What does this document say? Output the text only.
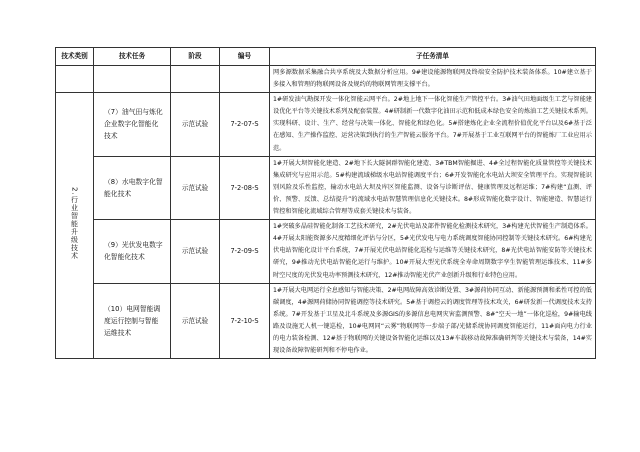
技术类别	技术任务	阶段	编号	子任务清单
				网多源数据采集融合共享系统及大数据分析应用。9#建设能源物联网及终端安全防护技术装备体系。10#建立基于多接入和管理的物联网设备及规约的物联网管理支撑平台。
2.行业智能升级技术	（7）油气田与炼化企业数字化智能化技术	示范试验	7-2-07-S	1#研发油气勘探开发一体化智能云网平台。2#地上地下一体化智能生产管控平台。3#油气田地面级生工艺与智能建设优化平台等关键技术系列及配套装置。4#研制新一代数字化油田示范和低成本绿色安全的炼油工艺关键技术系列。实现科研、设计、生产、经营与决策一体化、智能化和绿色化。5#搭建炼化企业全流程价值优化平台以及6#基于泛在感知、生产操作监控、运营决策到执行的生产智能云服务平台。7#开展基于工业互联网平台的智能炼厂工业应用示范。
	（8）水电数字化智能化技术	示范试验	7-2-08-S	1#开展大坝智能化建造、2#地下长大隧洞群智能化建造、3#TBM智能掘进、4#全过程智能化质量管控等关键技术集成研究与应用示范。5#构建流域梯级水电站智能调度平台；6#开发智能化水电站大坝安全管理平台。实现智能识别风险及乐性监控，输动水电站大坝及库区智能监测、设备与诊断评估、健康管理及远程运维；7#构建“直测、评价、预警、反馈、总结提升”的流域水电站智慧管理信息化关键技术。8#形成智能化数字设计、智能建造、智慧运行管控和智能化流域综合管理等成套关键技术与装备。
	（9）光伏发电数字化智能化技术	示范试验	7-2-09-S	1#突破多晶硅智能化制备工艺技术研究，2#光伏电站及部件智能化检测技术研究，3#构建光伏智能生产制造体系。4#开展太阳能资源多尺度精细化评估与分区，5#光伏发电与电力系统调度智能协同控制等关键技术研究。6#构建光伏电站智能化设计平台系统，7#开展光伏电站智能化巡检与运维等关键技术研究，8#光伏电站智能安防等关键技术研究，9#推动光伏电站智能化运行与维护。10#开展大型光伏系统全寿命周期数字孪生智能管理运维技术、11#多时空尺度的光伏发电功率预测技术研究，12#推动智能光伏产业创新升级和行业特色应用。
	（10）电网智能调度运行控制与智能运维技术	示范试验	7-2-10-S	1#开展大电网运行全息感知与智能决策、2#电网故障高效诊断处置、3#源荷协同互动、新能源预测和柔性可控的低碳调度，4#源网荷储协同智能调控等技术研究。5#基于调控云的调度管理等技术攻关，6#研发新一代调度技术支持系统。7#开发基于卫星及北斗系统及多源GIS的多源信息电网灾害监测预警、8#“空天一地”一体化巡检，9#输电线路及设施无人机一键巡检，10#电网同“云雾”物联网等一步端子部/光储系统协同调度智能运行，11#面向电力行业的电力装备检测、12#基于物联网的关键设备智能化运维以及13#车载移动故障准确研判等关键技术与装备，14#实现设备故障智能研判和不停电作业。
